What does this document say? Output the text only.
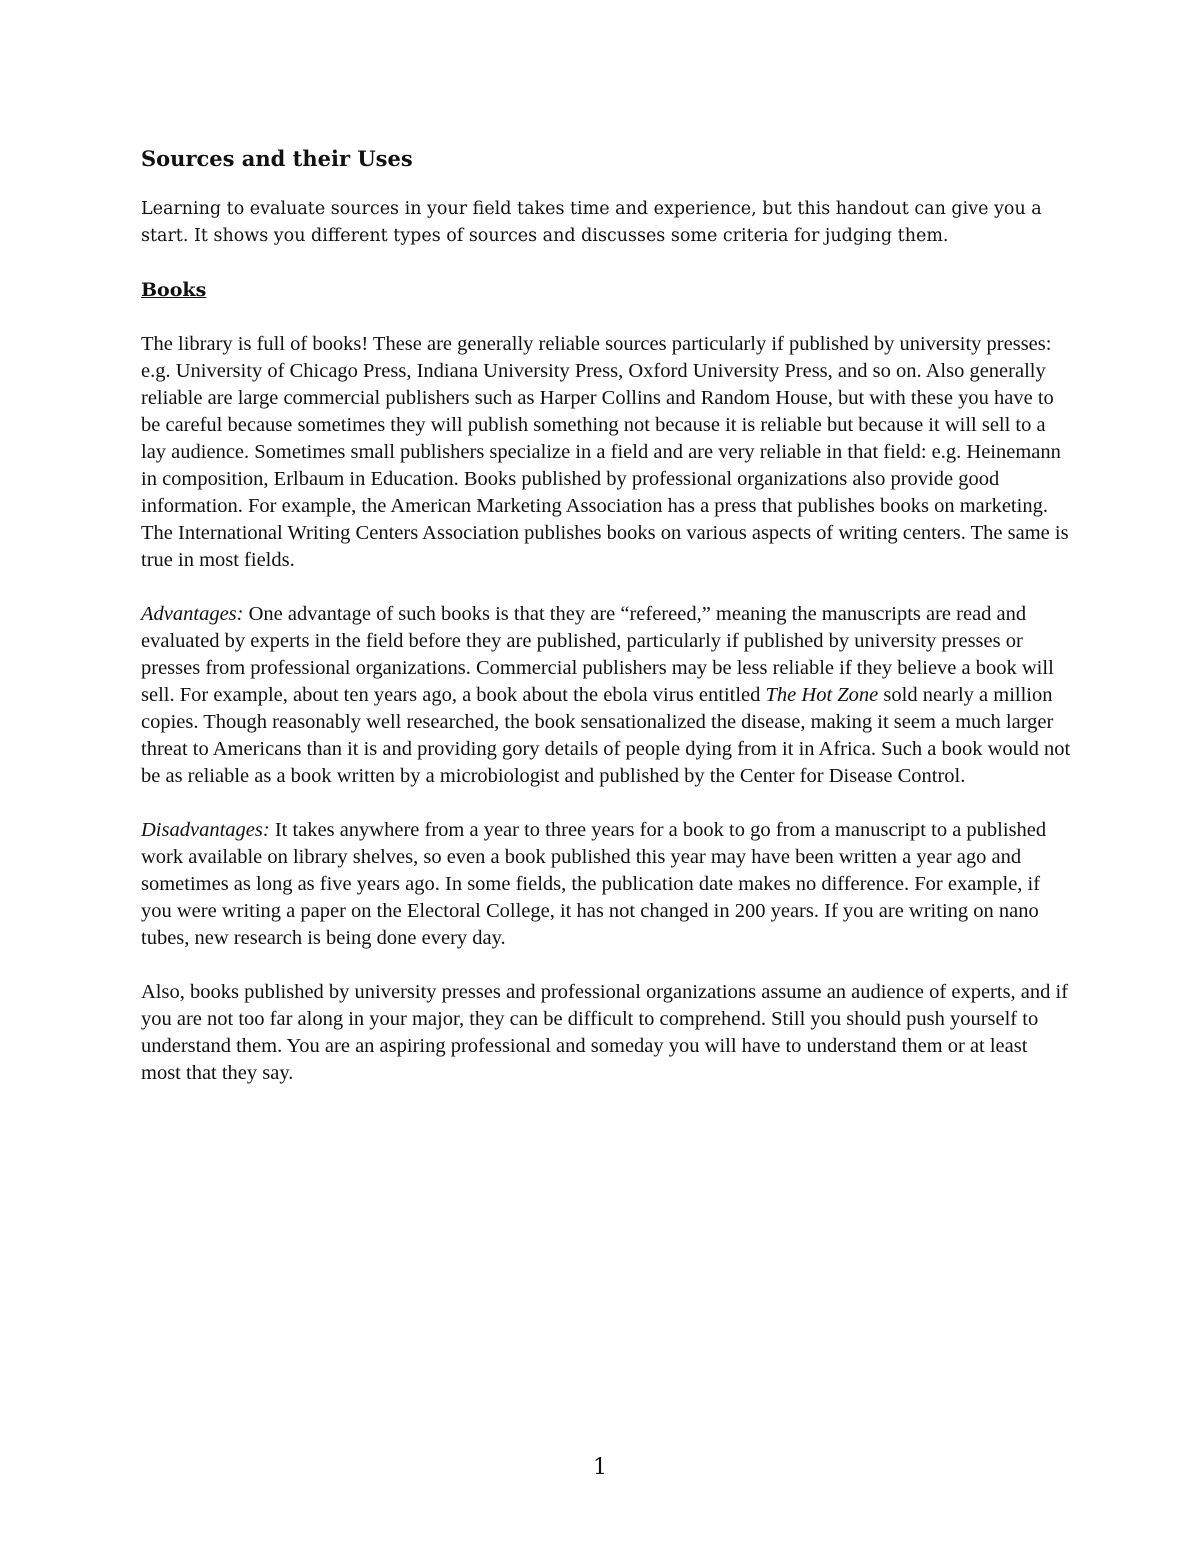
Sources and their Uses

Learning to evaluate sources in your field takes time and experience, but this handout can give you a start. It shows you different types of sources and discusses some criteria for judging them.

Books

The library is full of books! These are generally reliable sources particularly if published by university presses: e.g. University of Chicago Press, Indiana University Press, Oxford University Press, and so on. Also generally reliable are large commercial publishers such as Harper Collins and Random House, but with these you have to be careful because sometimes they will publish something not because it is reliable but because it will sell to a lay audience. Sometimes small publishers specialize in a field and are very reliable in that field: e.g. Heinemann in composition, Erlbaum in Education. Books published by professional organizations also provide good information. For example, the American Marketing Association has a press that publishes books on marketing. The International Writing Centers Association publishes books on various aspects of writing centers. The same is true in most fields.

Advantages: One advantage of such books is that they are “refereed,” meaning the manuscripts are read and evaluated by experts in the field before they are published, particularly if published by university presses or presses from professional organizations. Commercial publishers may be less reliable if they believe a book will sell. For example, about ten years ago, a book about the ebola virus entitled The Hot Zone sold nearly a million copies. Though reasonably well researched, the book sensationalized the disease, making it seem a much larger threat to Americans than it is and providing gory details of people dying from it in Africa. Such a book would not be as reliable as a book written by a microbiologist and published by the Center for Disease Control.

Disadvantages: It takes anywhere from a year to three years for a book to go from a manuscript to a published work available on library shelves, so even a book published this year may have been written a year ago and sometimes as long as five years ago. In some fields, the publication date makes no difference. For example, if you were writing a paper on the Electoral College, it has not changed in 200 years. If you are writing on nano tubes, new research is being done every day.

Also, books published by university presses and professional organizations assume an audience of experts, and if you are not too far along in your major, they can be difficult to comprehend. Still you should push yourself to understand them. You are an aspiring professional and someday you will have to understand them or at least most that they say.

1
